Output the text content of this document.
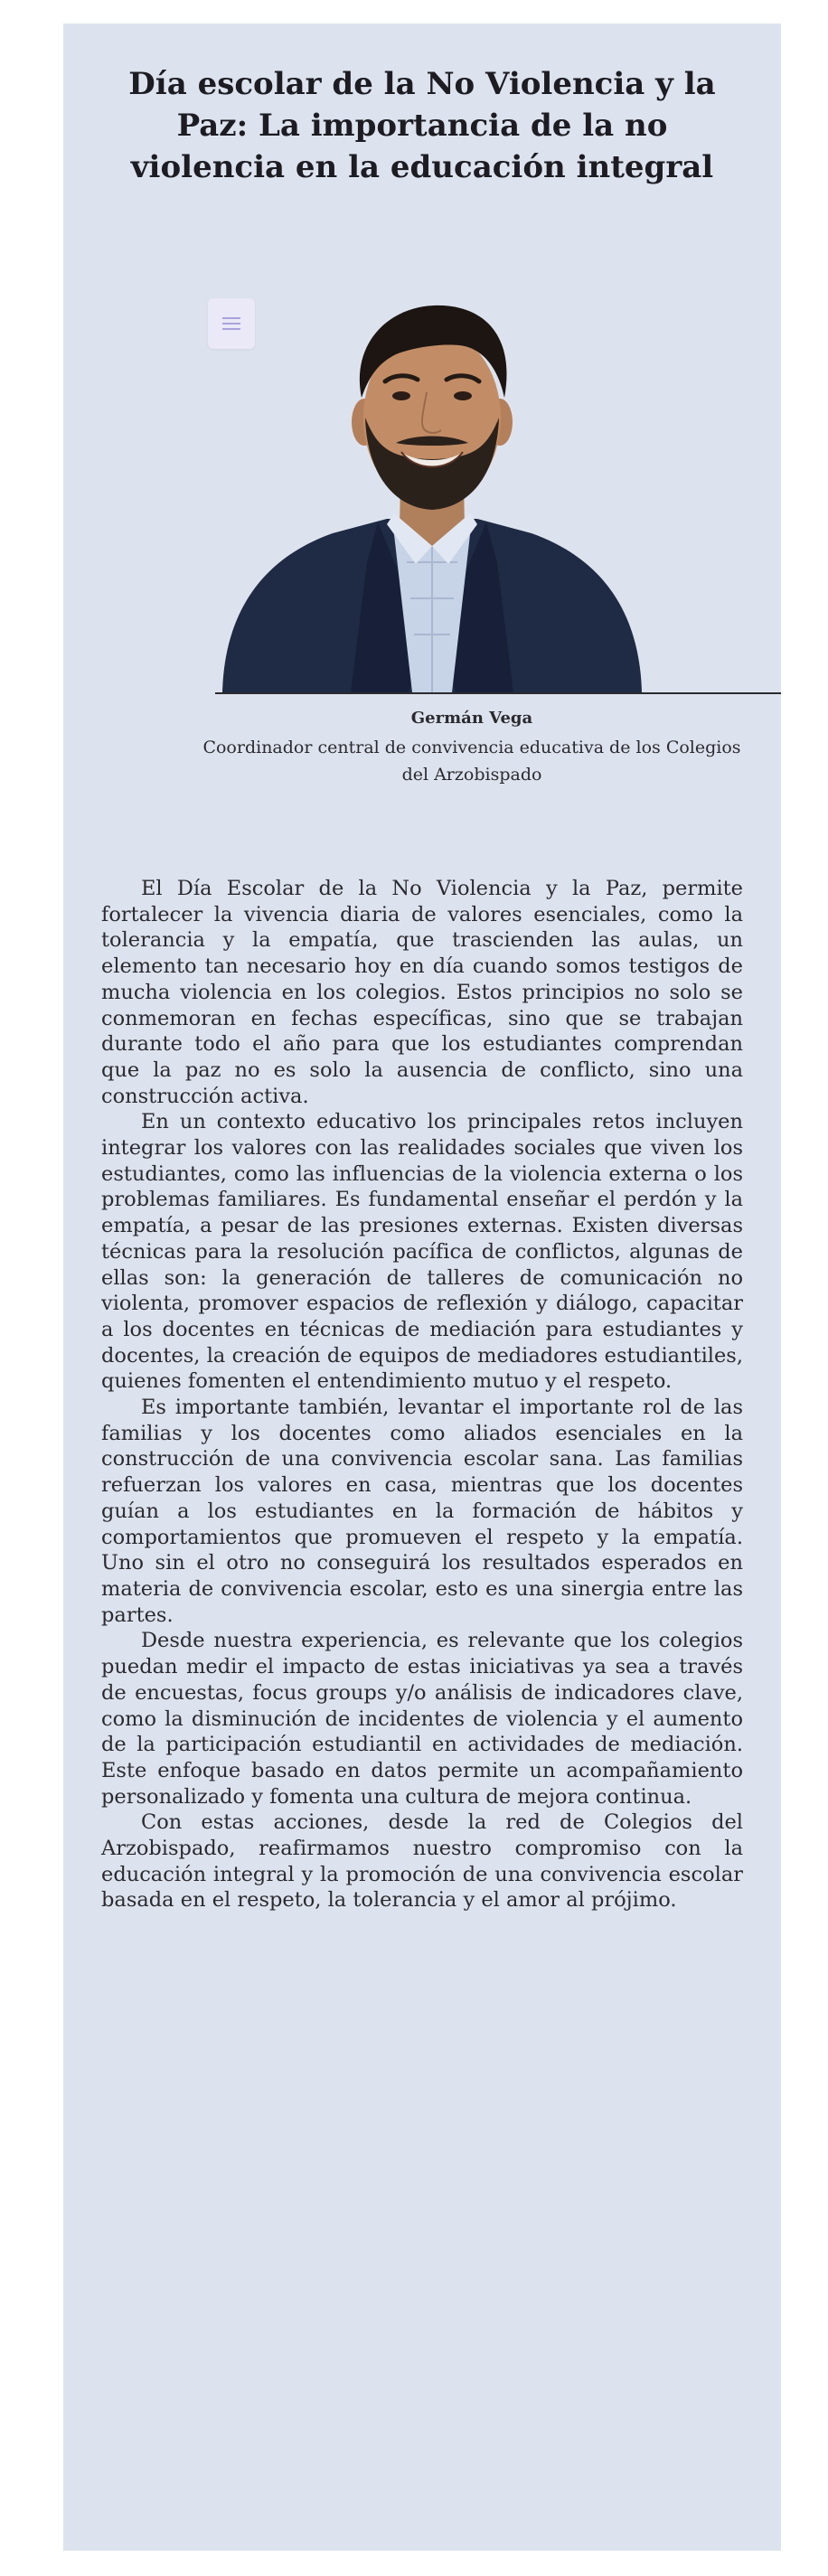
Día escolar de la No Violencia y la Paz: La importancia de la no violencia en la educación integral

Germán Vega

Coordinador central de convivencia educativa de los Colegios del Arzobispado

El Día Escolar de la No Violencia y la Paz, permite fortalecer la vivencia diaria de valores esenciales, como la tolerancia y la empatía, que trascienden las aulas, un elemento tan necesario hoy en día cuando somos testigos de mucha violencia en los colegios. Estos principios no solo se conmemoran en fechas específicas, sino que se trabajan durante todo el año para que los estudiantes comprendan que la paz no es solo la ausencia de conflicto, sino una construcción activa.

En un contexto educativo los principales retos incluyen integrar los valores con las realidades sociales que viven los estudiantes, como las influencias de la violencia externa o los problemas familiares. Es fundamental enseñar el perdón y la empatía, a pesar de las presiones externas. Existen diversas técnicas para la resolución pacífica de conflictos, algunas de ellas son: la generación de talleres de comunicación no violenta, promover espacios de reflexión y diálogo, capacitar a los docentes en técnicas de mediación para estudiantes y docentes, la creación de equipos de mediadores estudiantiles, quienes fomenten el entendimiento mutuo y el respeto.

Es importante también, levantar el importante rol de las familias y los docentes como aliados esenciales en la construcción de una convivencia escolar sana. Las familias refuerzan los valores en casa, mientras que los docentes guían a los estudiantes en la formación de hábitos y comportamientos que promueven el respeto y la empatía. Uno sin el otro no conseguirá los resultados esperados en materia de convivencia escolar, esto es una sinergia entre las partes.

Desde nuestra experiencia, es relevante que los colegios puedan medir el impacto de estas iniciativas ya sea a través de encuestas, focus groups y/o análisis de indicadores clave, como la disminución de incidentes de violencia y el aumento de la participación estudiantil en actividades de mediación. Este enfoque basado en datos permite un acompañamiento personalizado y fomenta una cultura de mejora continua.

Con estas acciones, desde la red de Colegios del Arzobispado, reafirmamos nuestro compromiso con la educación integral y la promoción de una convivencia escolar basada en el respeto, la tolerancia y el amor al prójimo.
